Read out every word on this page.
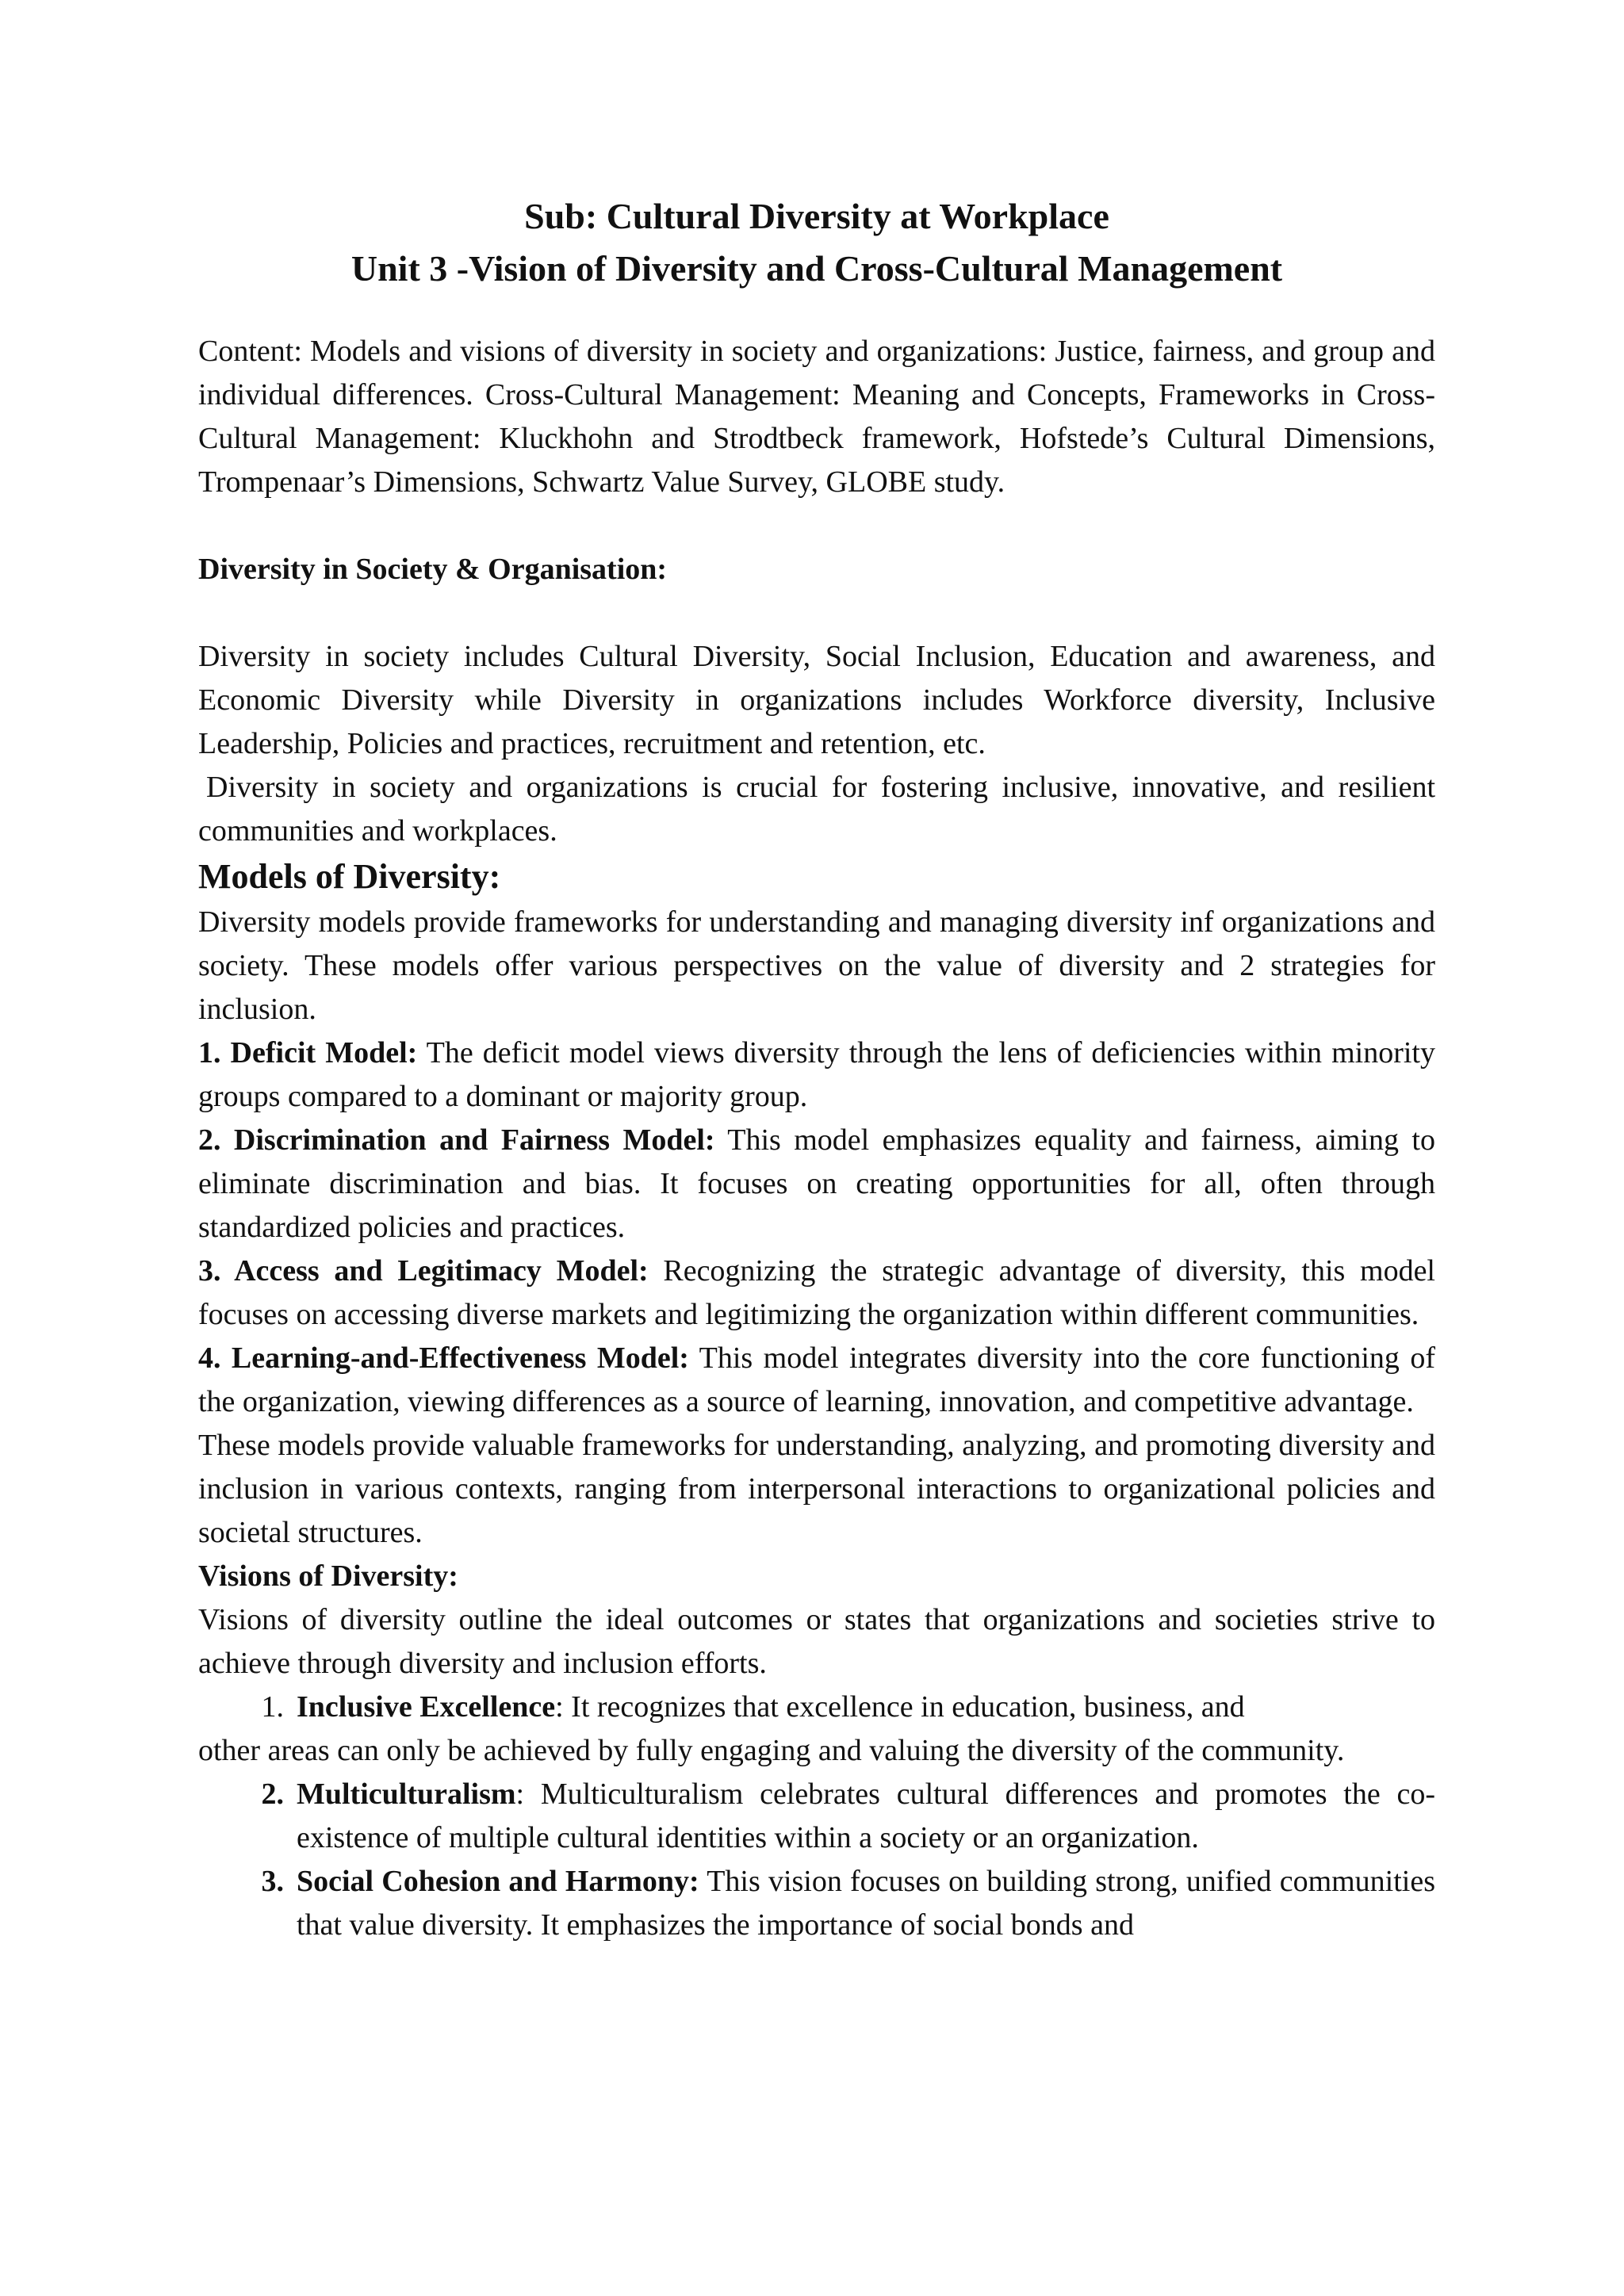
Sub: Cultural Diversity at Workplace
Unit 3 -Vision of Diversity and Cross-Cultural Management

Content: Models and visions of diversity in society and organizations: Justice, fairness, and group and individual differences. Cross-Cultural Management: Meaning and Concepts, Frameworks in Cross-Cultural Management: Kluckhohn and Strodtbeck framework, Hofstede’s Cultural Dimensions, Trompenaar’s Dimensions, Schwartz Value Survey, GLOBE study.

Diversity in Society & Organisation:

Diversity in society includes Cultural Diversity, Social Inclusion, Education and awareness, and Economic Diversity while Diversity in organizations includes Workforce diversity, Inclusive Leadership, Policies and practices, recruitment and retention, etc.

Diversity in society and organizations is crucial for fostering inclusive, innovative, and resilient communities and workplaces.

Models of Diversity:

Diversity models provide frameworks for understanding and managing diversity inf organizations and society. These models offer various perspectives on the value of diversity and 2 strategies for inclusion.

1. Deficit Model: The deficit model views diversity through the lens of deficiencies within minority groups compared to a dominant or majority group.

2. Discrimination and Fairness Model: This model emphasizes equality and fairness, aiming to eliminate discrimination and bias. It focuses on creating opportunities for all, often through standardized policies and practices.

3. Access and Legitimacy Model: Recognizing the strategic advantage of diversity, this model focuses on accessing diverse markets and legitimizing the organization within different communities.

4. Learning-and-Effectiveness Model: This model integrates diversity into the core functioning of the organization, viewing differences as a source of learning, innovation, and competitive advantage.

These models provide valuable frameworks for understanding, analyzing, and promoting diversity and inclusion in various contexts, ranging from interpersonal interactions to organizational policies and societal structures.

Visions of Diversity:

Visions of diversity outline the ideal outcomes or states that organizations and societies strive to achieve through diversity and inclusion efforts.

1. Inclusive Excellence: It recognizes that excellence in education, business, and

other areas can only be achieved by fully engaging and valuing the diversity of the community.

2. Multiculturalism: Multiculturalism celebrates cultural differences and promotes the co-existence of multiple cultural identities within a society or an organization.
3. Social Cohesion and Harmony: This vision focuses on building strong, unified communities that value diversity. It emphasizes the importance of social bonds and
